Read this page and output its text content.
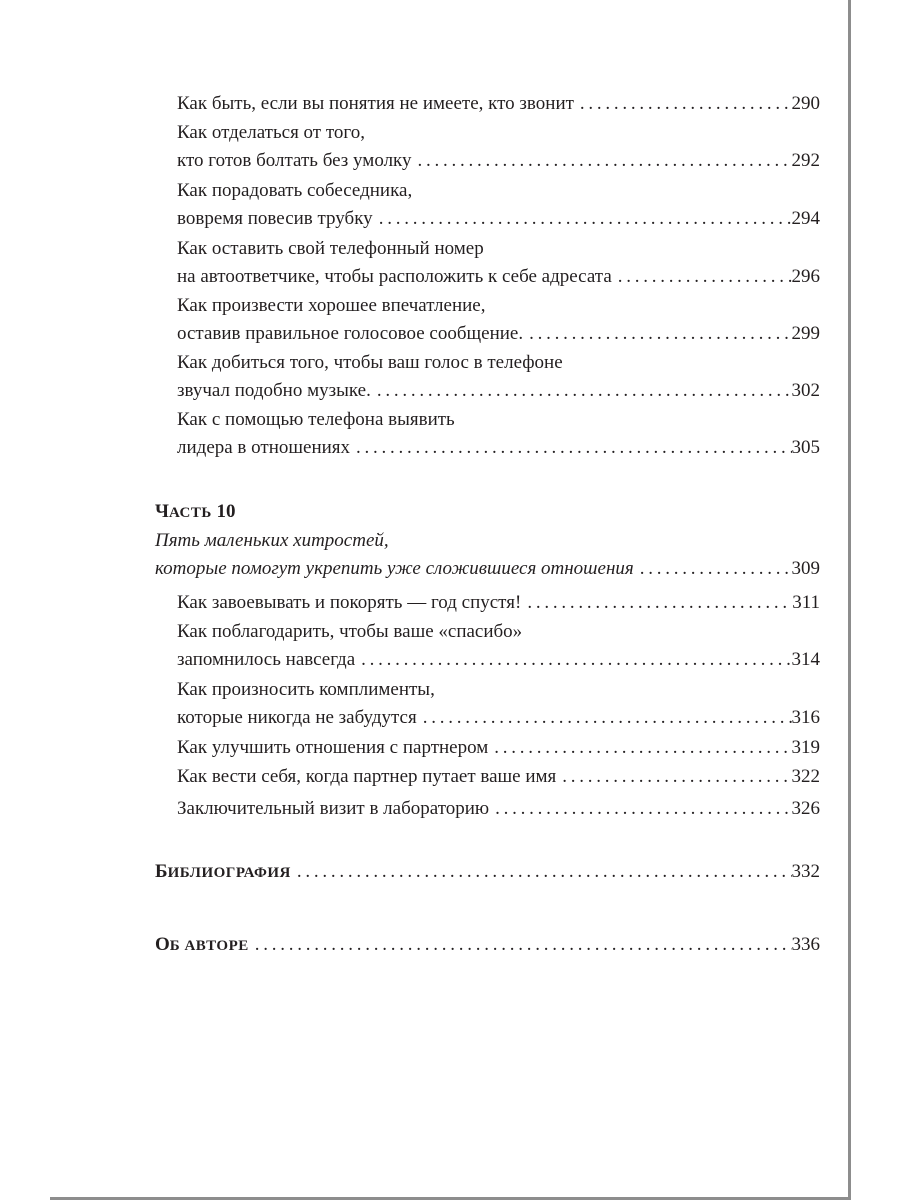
Как быть, если вы понятия не имеете, кто звонит . . .	290
Как отделаться от того,
кто готов болтать без умолку . . .	292
Как порадовать собеседника,
вовремя повесив трубку . . .	294
Как оставить свой телефонный номер
на автоответчике, чтобы расположить к себе адресата . . .	296
Как произвести хорошее впечатление,
оставив правильное голосовое сообщение. . . .	299
Как добиться того, чтобы ваш голос в телефоне
звучал подобно музыке. . . .	302
Как с помощью телефона выявить
лидера в отношениях . . .	305
ЧАСТЬ 10
Пять маленьких хитростей,
которые помогут укрепить уже сложившиеся отношения . . .	309
Как завоевывать и покорять — год спустя! . . .	311
Как поблагодарить, чтобы ваше «спасибо»
запомнилось навсегда . . .	314
Как произносить комплименты,
которые никогда не забудутся . . .	316
Как улучшить отношения с партнером . . .	319
Как вести себя, когда партнер путает ваше имя . . .	322
Заключительный визит в лабораторию . . .	326
БИБЛИОГРАФИЯ . . .	332
ОБ АВТОРЕ . . .	336
